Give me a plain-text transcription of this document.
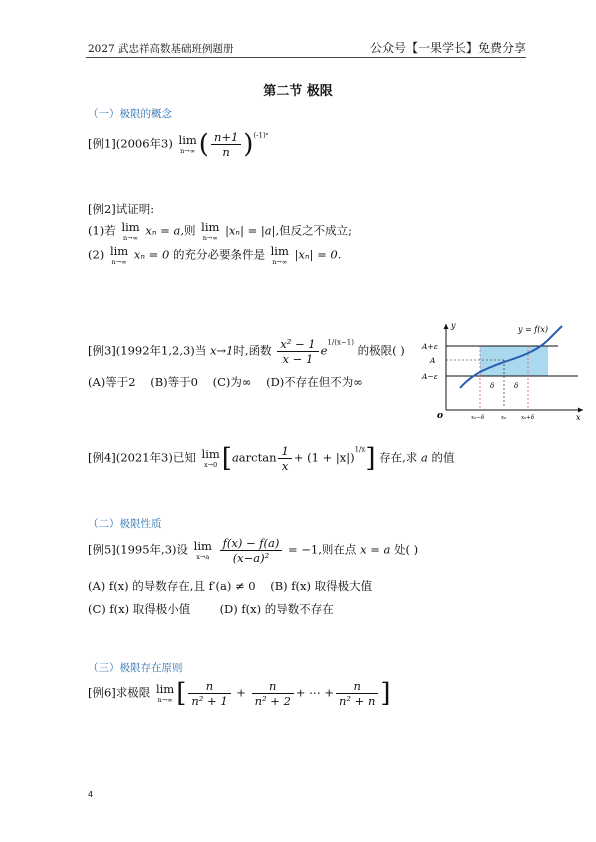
2027 武忠祥高数基础班例题册	公众号【一果学长】免费分享
第二节 极限
（一）极限的概念
[例1](2006年3) lim
n→∞ ( $\frac{n+1}{n} )^{(-1)^n}$
[例2]试证明:
(1)若 lim
n→∞ xₙ = a,则 lim
n→∞ |xₙ| = |a|,但反之不成立;
(2) lim
n→∞ xₙ = 0 的充分必要条件是 lim
n→∞ |xₙ| = 0.
[例3](1992年1,2,3)当 x→1时,函数 $\frac{\text{x² − 1}}{x - 1} e^{1/(x-1)}$ 的极限( )
(A)等于2 (B)等于0 (C)为∞ (D)不存在但不为∞
y = f(x)
y
x
o
A+ε
A
A−ε
x₀−δ	x₀	x₀+δ
δ	δ
[例4](2021年3)已知 lim
x→0 $[aarctan \frac{1}{x} + (1 + |x|)^{1/x}]$ 存在,求 a 的值
（二）极限性质
[例5](1995年,3)设 lim
x→a
$\frac{f(x) - f(a)}{\text{(x−a)²}} = -1$,则在点 x = a 处( )
(A) f(x) 的导数存在,且 f′(a) ≠ 0 (B) f(x) 取得极大值
(C) f(x) 取得极小值	(D) f(x) 的导数不存在
（三）极限存在原则
[例6]求极限 lim
n→∞ [ $\frac{n}{\text{n² + 1}} + \frac{n}{\text{n² + 2}}$ + ⋯ + $\frac{n}{\text{n² + n}}$ ]
4
